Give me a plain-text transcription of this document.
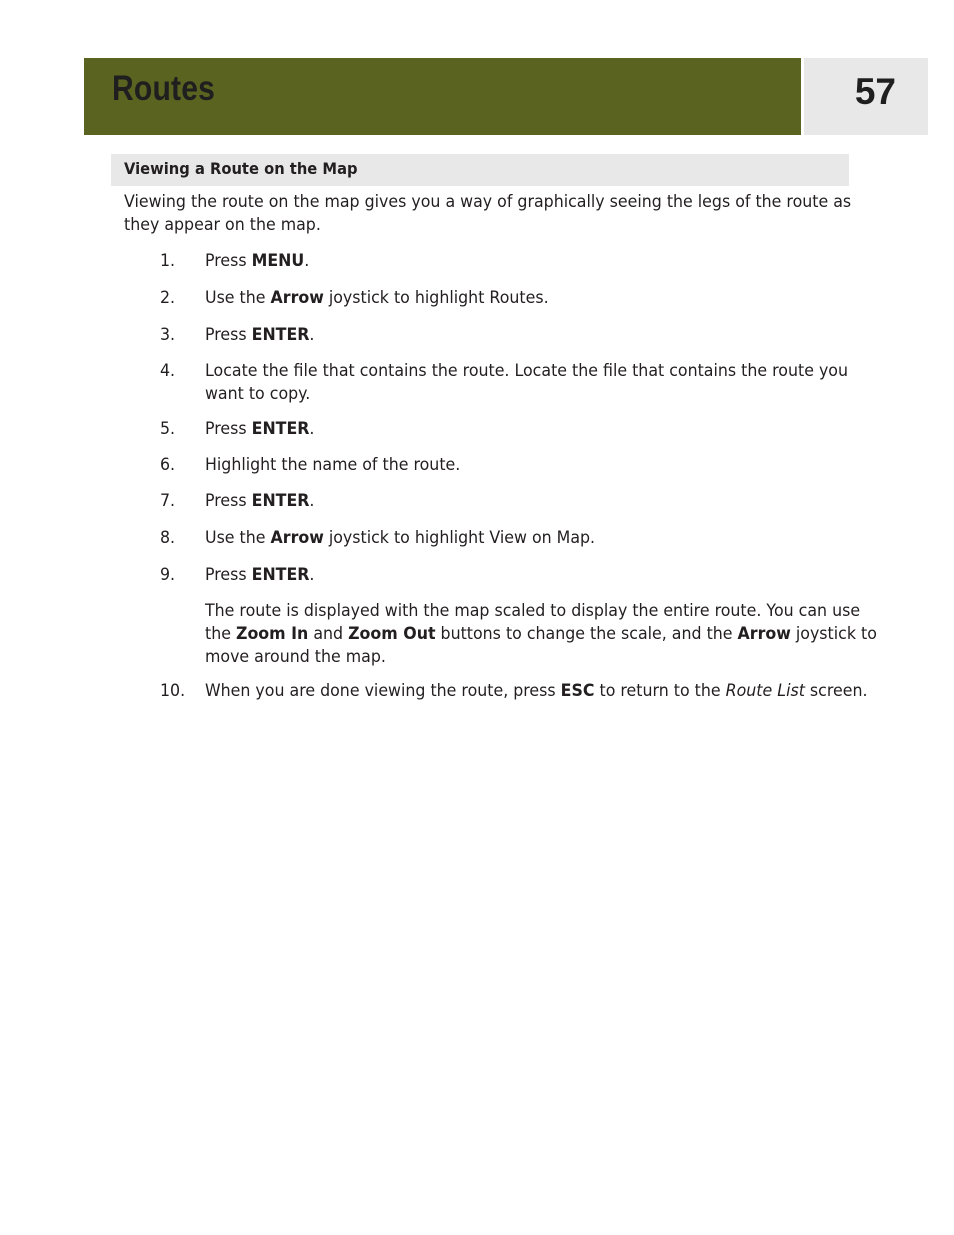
Routes	57
Viewing a Route on the Map
Viewing the route on the map gives you a way of graphically seeing the legs of the route as
they appear on the map.
1. Press MENU.
2. Use the Arrow joystick to highlight Routes.
3. Press ENTER.
4. Locate the file that contains the route. Locate the file that contains the route you
want to copy.
5. Press ENTER.
6. Highlight the name of the route.
7. Press ENTER.
8. Use the Arrow joystick to highlight View on Map.
9. Press ENTER.
10. When you are done viewing the route, press ESC to return to the Route List screen.
The route is displayed with the map scaled to display the entire route. You can use
the Zoom In and Zoom Out buttons to change the scale, and the Arrow joystick to
move around the map.
